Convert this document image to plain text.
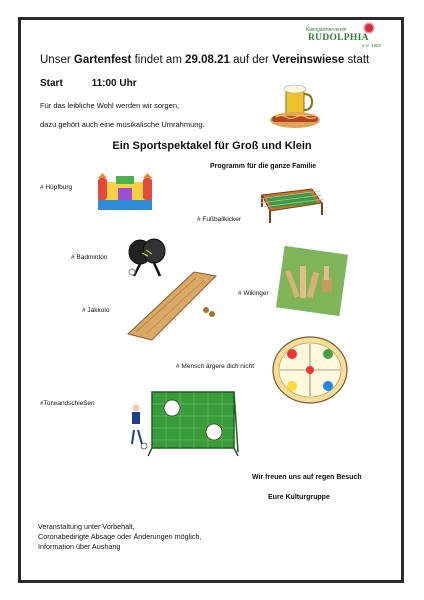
Kleingärtnerverein
RUDOLPHIA
e.V. 1903
Unser Gartenfest findet am 29.08.21 auf der Vereinswiese statt
Start	11:00 Uhr
Für das leibliche Wohl werden wir sorgen,
dazu gehört auch eine musikalische Umrahmung.
Ein Sportspektakel für Groß und Klein
Programm für die ganze Familie
# Hüpfburg
# Fußballkicker
# Badminton
# Wikinger
# Jakkolo
# Mensch ärgere dich nicht
#Torwandschießen
Wir freuen uns auf regen Besuch
Eure Kulturgruppe
Veranstaltung unter Vorbehalt,
Coronabedingte Absage oder Änderungen möglich,
Information über Aushang
